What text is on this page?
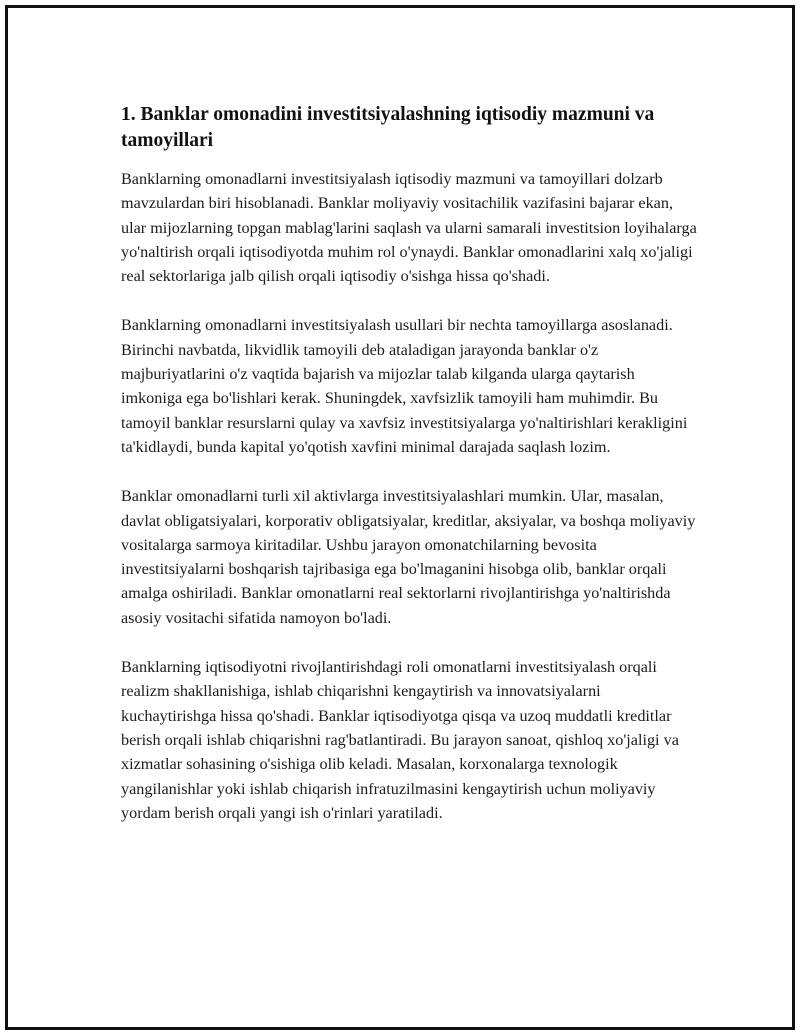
1. Banklar omonadini investitsiyalashning iqtisodiy mazmuni va tamoyillari

Banklarning omonadlarni investitsiyalash iqtisodiy mazmuni va tamoyillari dolzarb mavzulardan biri hisoblanadi. Banklar moliyaviy vositachilik vazifasini bajarar ekan, ular mijozlarning topgan mablag'larini saqlash va ularni samarali investitsion loyihalarga yo'naltirish orqali iqtisodiyotda muhim rol o'ynaydi. Banklar omonadlarini xalq xo'jaligi real sektorlariga jalb qilish orqali iqtisodiy o'sishga hissa qo'shadi.

Banklarning omonadlarni investitsiyalash usullari bir nechta tamoyillarga asoslanadi. Birinchi navbatda, likvidlik tamoyili deb ataladigan jarayonda banklar o'z majburiyatlarini o'z vaqtida bajarish va mijozlar talab kilganda ularga qaytarish imkoniga ega bo'lishlari kerak. Shuningdek, xavfsizlik tamoyili ham muhimdir. Bu tamoyil banklar resurslarni qulay va xavfsiz investitsiyalarga yo'naltirishlari kerakligini ta'kidlaydi, bunda kapital yo'qotish xavfini minimal darajada saqlash lozim.

Banklar omonadlarni turli xil aktivlarga investitsiyalashlari mumkin. Ular, masalan, davlat obligatsiyalari, korporativ obligatsiyalar, kreditlar, aksiyalar, va boshqa moliyaviy vositalarga sarmoya kiritadilar. Ushbu jarayon omonatchilarning bevosita investitsiyalarni boshqarish tajribasiga ega bo'lmaganini hisobga olib, banklar orqali amalga oshiriladi. Banklar omonatlarni real sektorlarni rivojlantirishga yo'naltirishda asosiy vositachi sifatida namoyon bo'ladi.

Banklarning iqtisodiyotni rivojlantirishdagi roli omonatlarni investitsiyalash orqali realizm shakllanishiga, ishlab chiqarishni kengaytirish va innovatsiyalarni kuchaytirishga hissa qo'shadi. Banklar iqtisodiyotga qisqa va uzoq muddatli kreditlar berish orqali ishlab chiqarishni rag'batlantiradi. Bu jarayon sanoat, qishloq xo'jaligi va xizmatlar sohasining o'sishiga olib keladi. Masalan, korxonalarga texnologik yangilanishlar yoki ishlab chiqarish infratuzilmasini kengaytirish uchun moliyaviy yordam berish orqali yangi ish o'rinlari yaratiladi.
